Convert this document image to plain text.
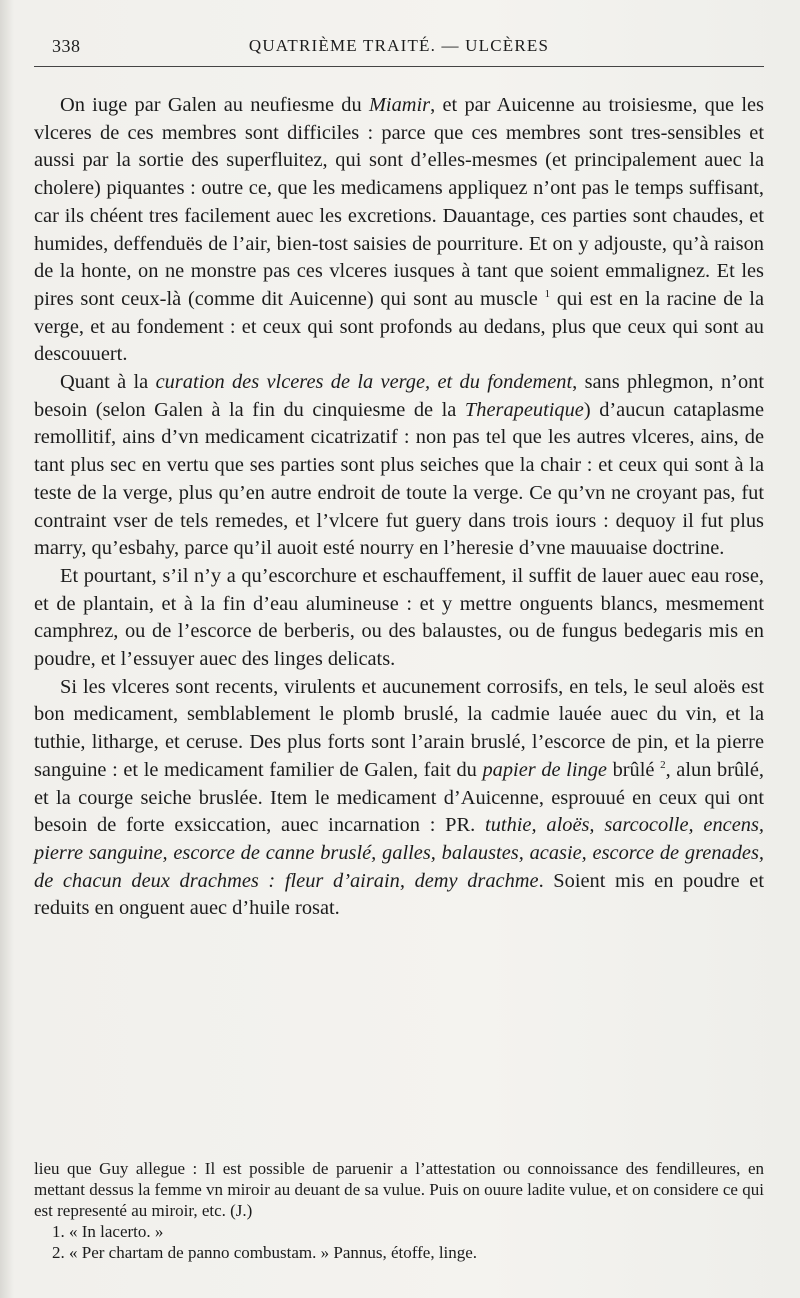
338	QUATRIÈME TRAITÉ. — ULCÈRES

On iuge par Galen au neufiesme du Miamir, et par Auicenne au troisiesme, que les vlceres de ces membres sont difficiles : parce que ces membres sont tres-sensibles et aussi par la sortie des superfluitez, qui sont d’elles-mesmes (et principalement auec la cholere) piquantes : outre ce, que les medicamens appliquez n’ont pas le temps suffisant, car ils chéent tres facilement auec les excretions. Dauantage, ces parties sont chaudes, et humides, deffenduës de l’air, bien-tost saisies de pourriture. Et on y adjouste, qu’à raison de la honte, on ne monstre pas ces vlceres iusques à tant que soient emmalignez. Et les pires sont ceux-là (comme dit Auicenne) qui sont au muscle $^1$ qui est en la racine de la verge, et au fondement : et ceux qui sont profonds au dedans, plus que ceux qui sont au descouuert.

Quant à la curation des vlceres de la verge, et du fondement, sans phlegmon, n’ont besoin (selon Galen à la fin du cinquiesme de la Therapeutique) d’aucun cataplasme remollitif, ains d’vn medicament cicatrizatif : non pas tel que les autres vlceres, ains, de tant plus sec en vertu que ses parties sont plus seiches que la chair : et ceux qui sont à la teste de la verge, plus qu’en autre endroit de toute la verge. Ce qu’vn ne croyant pas, fut contraint vser de tels remedes, et l’vlcere fut guery dans trois iours : dequoy il fut plus marry, qu’esbahy, parce qu’il auoit esté nourry en l’heresie d’vne mauuaise doctrine.

Et pourtant, s’il n’y a qu’escorchure et eschauffement, il suffit de lauer auec eau rose, et de plantain, et à la fin d’eau alumineuse : et y mettre onguents blancs, mesmement camphrez, ou de l’escorce de berberis, ou des balaustes, ou de fungus bedegaris mis en poudre, et l’essuyer auec des linges delicats.

Si les vlceres sont recents, virulents et aucunement corrosifs, en tels, le seul aloës est bon medicament, semblablement le plomb bruslé, la cadmie lauée auec du vin, et la tuthie, litharge, et ceruse. Des plus forts sont l’arain bruslé, l’escorce de pin, et la pierre sanguine : et le medicament familier de Galen, fait du papier de linge brûlé $^2$, alun brûlé, et la courge seiche bruslée. Item le medicament d’Auicenne, esprouué en ceux qui ont besoin de forte exsiccation, auec incarnation : PR. tuthie, aloës, sarcocolle, encens, pierre sanguine, escorce de canne bruslé, galles, balaustes, acasie, escorce de grenades, de chacun deux drachmes : fleur d’airain, demy drachme. Soient mis en poudre et reduits en onguent auec d’huile rosat.

lieu que Guy allegue : Il est possible de paruenir a l’attestation ou connoissance des fendilleures, en mettant dessus la femme vn miroir au deuant de sa vulue. Puis on ouure ladite vulue, et on considere ce qui est representé au miroir, etc. (J.)

1. « In lacerto. »

2. « Per chartam de panno combustam. » Pannus, étoffe, linge.
